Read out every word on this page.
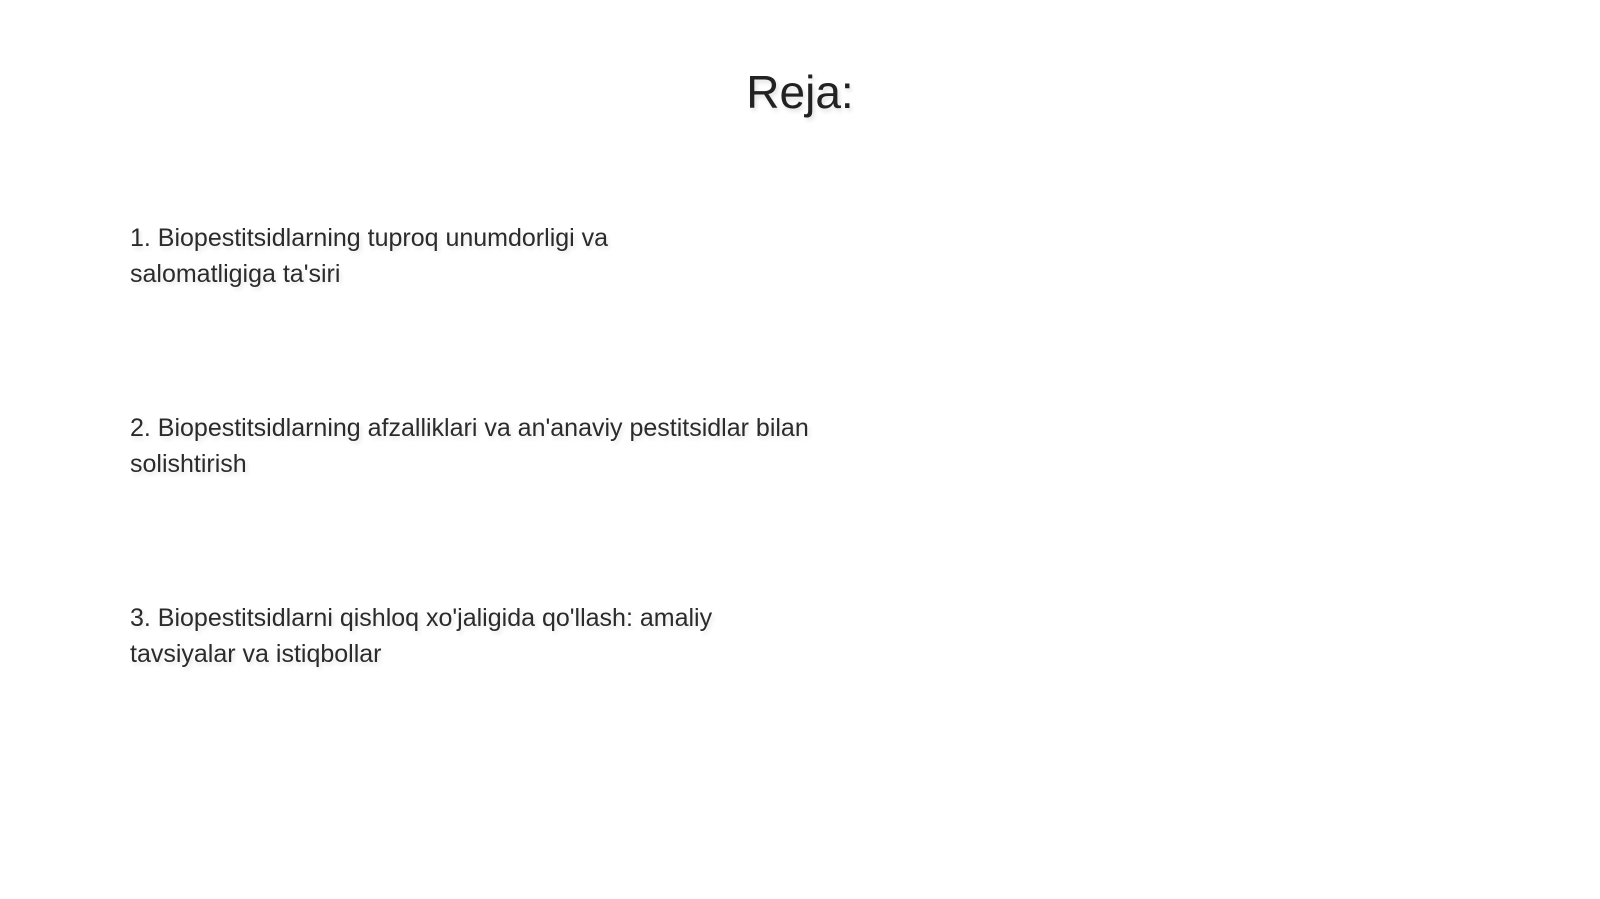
Reja:

1. Biopestitsidlarning tuproq unumdorligi va salomatligiga ta'siri

2. Biopestitsidlarning afzalliklari va an'anaviy pestitsidlar bilan solishtirish

3. Biopestitsidlarni qishloq xo'jaligida qo'llash: amaliy tavsiyalar va istiqbollar
